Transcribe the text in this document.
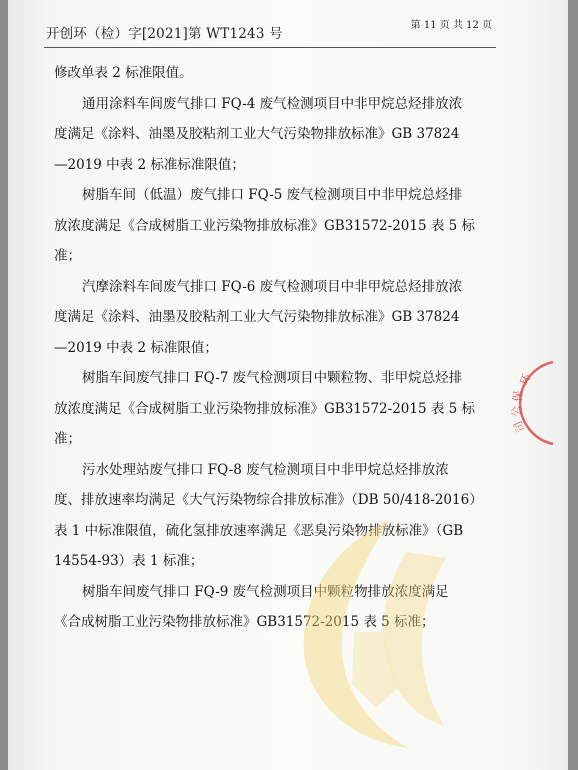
开创环（检）字[2021]第 WT1243 号
第 11 页 共 12 页
修改单表 2 标准限值。
通用涂料车间废气排口 FQ-4 废气检测项目中非甲烷总烃排放浓
度满足《涂料、油墨及胶粘剂工业大气污染物排放标准》GB 37824
—2019 中表 2 标准标准限值；
树脂车间（低温）废气排口 FQ-5 废气检测项目中非甲烷总烃排
放浓度满足《合成树脂工业污染物排放标准》GB31572-2015 表 5 标
准；
汽摩涂料车间废气排口 FQ-6 废气检测项目中非甲烷总烃排放浓
度满足《涂料、油墨及胶粘剂工业大气污染物排放标准》GB 37824
—2019 中表 2 标准限值；
树脂车间废气排口 FQ-7 废气检测项目中颗粒物、非甲烷总烃排
放浓度满足《合成树脂工业污染物排放标准》GB31572-2015 表 5 标
准；
污水处理站废气排口 FQ-8 废气检测项目中非甲烷总烃排放浓
度、排放速率均满足《大气污染物综合排放标准》（DB 50/418-2016）
表 1 中标准限值，硫化氢排放速率满足《恶臭污染物排放标准》（GB
14554-93）表 1 标准；
树脂车间废气排口 FQ-9 废气检测项目中颗粒物排放浓度满足
《合成树脂工业污染物排放标准》GB31572-2015 表 5 标准；
环
保
公
司
